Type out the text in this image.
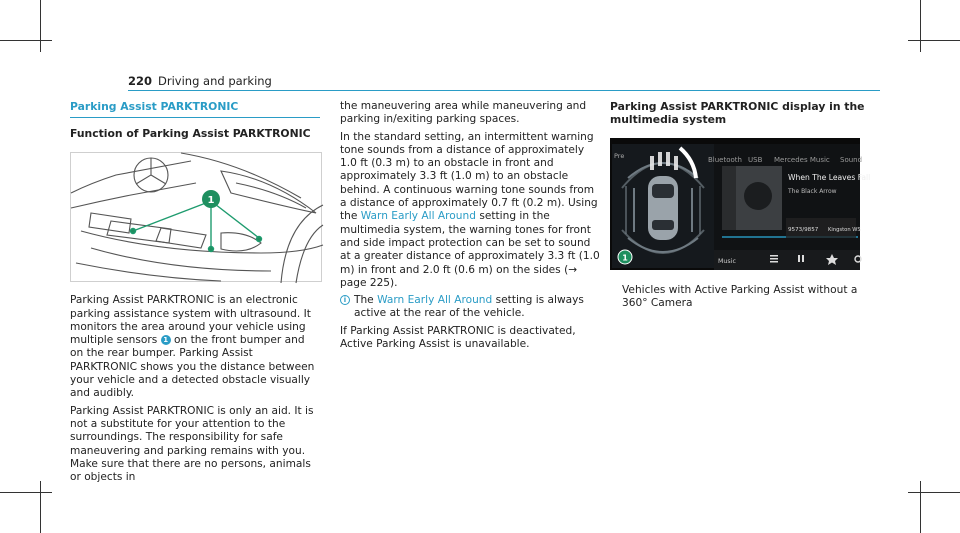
220 Driving and parking
Parking Assist PARKTRONIC
Function of Parking Assist PARKTRONIC
1

Parking Assist PARKTRONIC is an electronic parking assistance system with ultrasound. It monitors the area around your vehicle using multiple sensors 1 on the front bumper and on the rear bumper. Parking Assist PARKTRONIC shows you the distance between your vehicle and a detected obstacle visually and audibly.

Parking Assist PARKTRONIC is only an aid. It is not a substitute for your attention to the surroundings. The responsibility for safe maneuvering and parking remains with you. Make sure that there are no persons, animals or objects in

the maneuvering area while maneuvering and parking in/exiting parking spaces.

In the standard setting, an intermittent warning tone sounds from a distance of approximately 1.0 ft (0.3 m) to an obstacle in front and approximately 3.3 ft (1.0 m) to an obstacle behind. A continuous warning tone sounds from a distance of approximately 0.7 ft (0.2 m). Using the Warn Early All Around setting in the multimedia system, the warning tones for front and side impact protection can be set to sound at a greater distance of approximately 3.3 ft (1.0 m) in front and 2.0 ft (0.6 m) on the sides (→ page 225).

i The Warn Early All Around setting is always active at the rear of the vehicle.

If Parking Assist PARKTRONIC is deactivated, Active Parking Assist is unavailable.

Parking Assist PARKTRONIC display in the multimedia system
Pre	Bluetooth USB Mercedes Music Sound
When The Leaves Fall
The Black Arrow
9573/9857 Kingston WS
Music
1

Vehicles with Active Parking Assist without a 360° Camera
